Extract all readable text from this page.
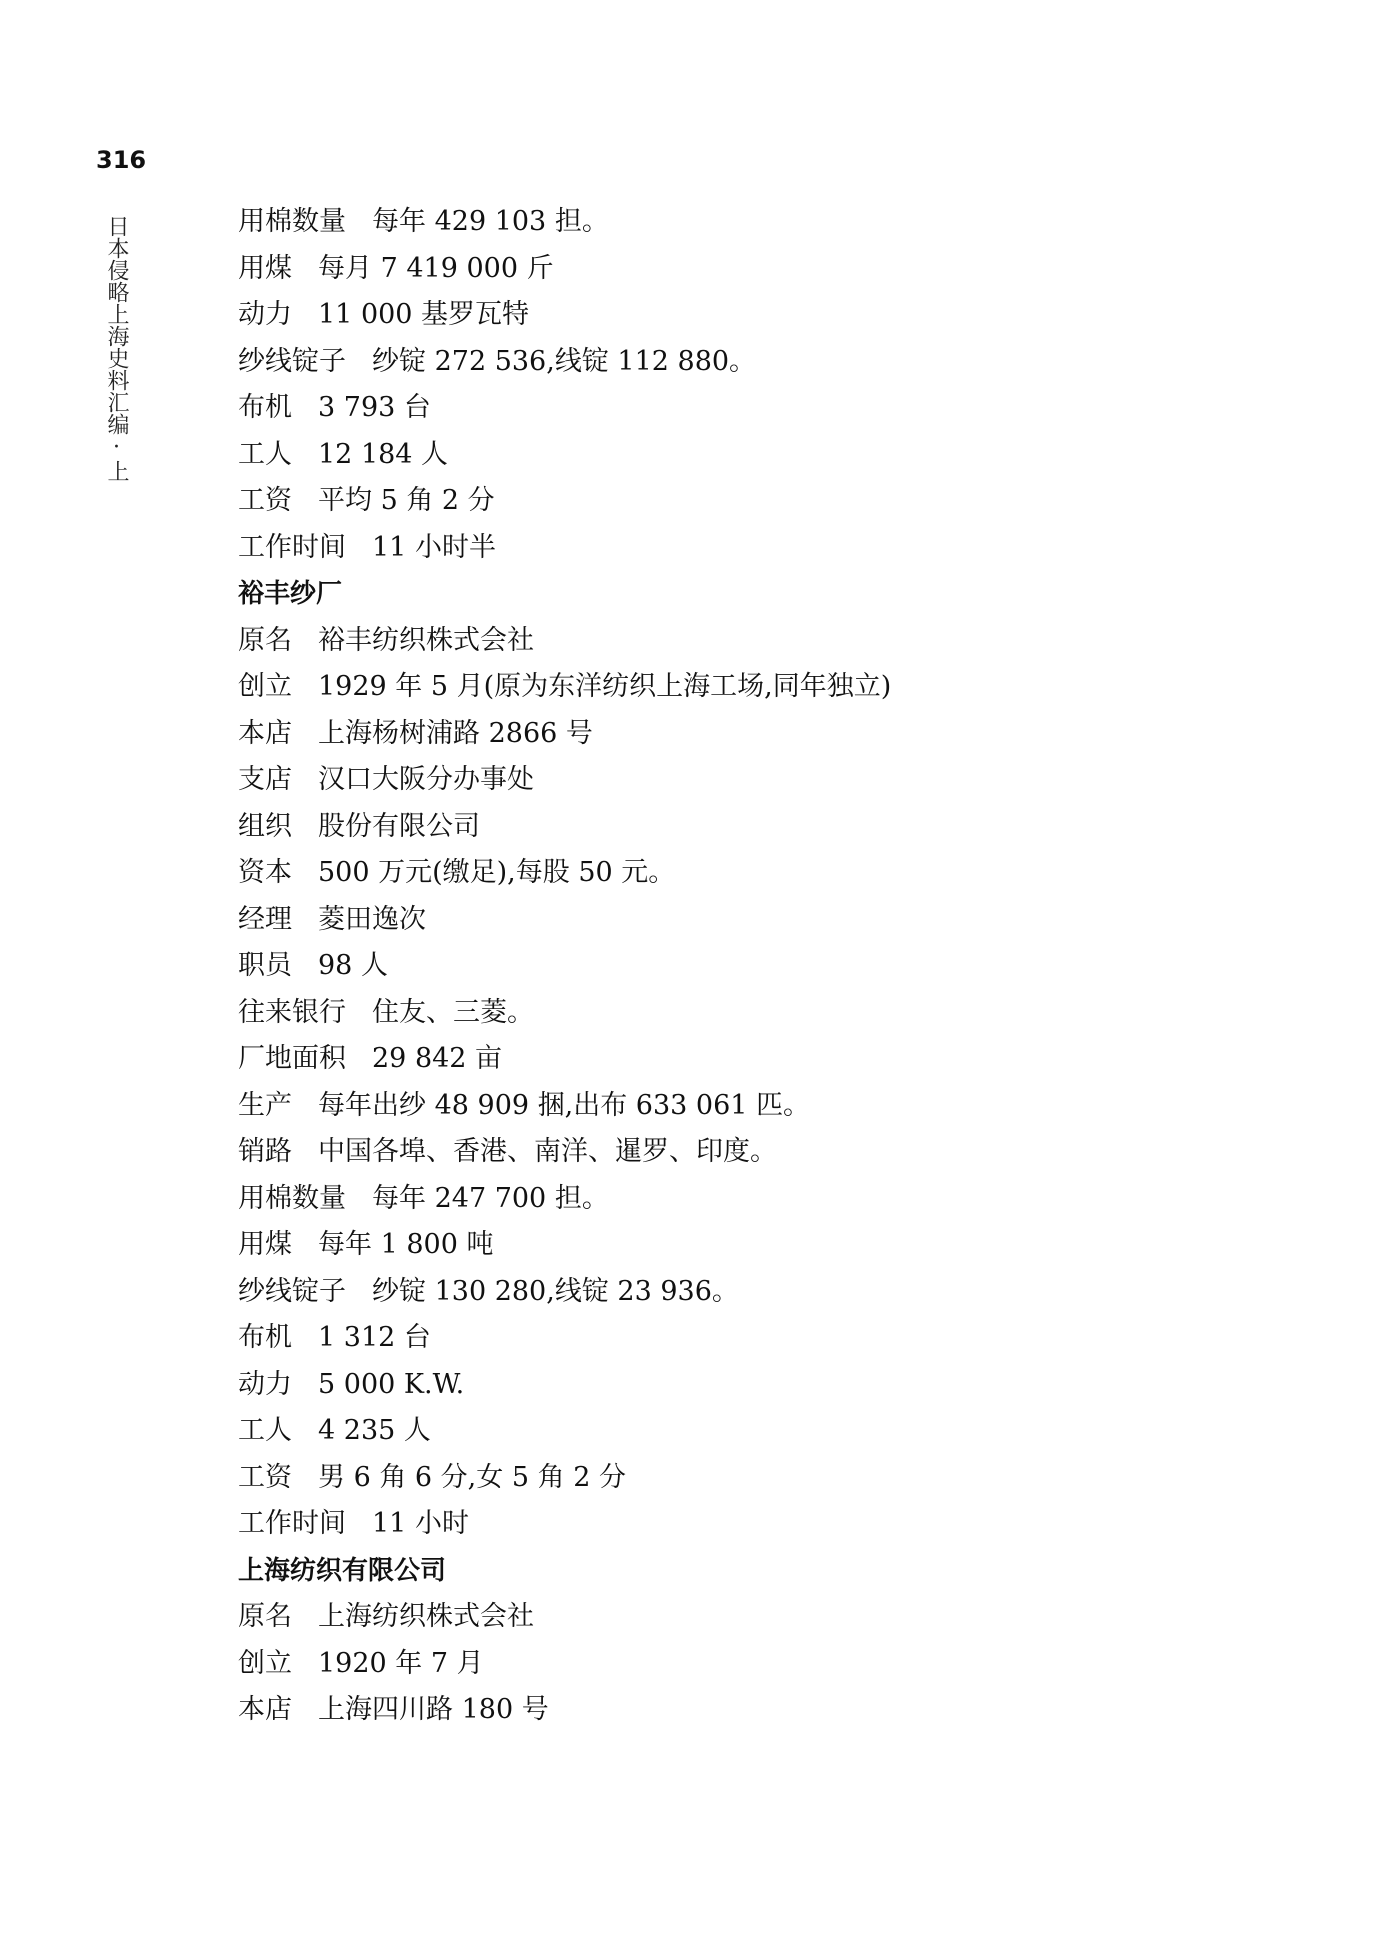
316
日本侵略上海史料汇编·上	用棉数量 每年 429 103 担。
用煤 每月 7 419 000 斤
动力 11 000 基罗瓦特
纱线锭子 纱锭 272 536,线锭 112 880。
布机 3 793 台
工人 12 184 人
工资 平均 5 角 2 分
工作时间 11 小时半
裕丰纱厂
原名 裕丰纺织株式会社
创立 1929 年 5 月(原为东洋纺织上海工场,同年独立)
本店 上海杨树浦路 2866 号
支店 汉口大阪分办事处
组织 股份有限公司
资本 500 万元(缴足),每股 50 元。
经理 菱田逸次
职员 98 人
往来银行 住友、三菱。
厂地面积 29 842 亩
生产 每年出纱 48 909 捆,出布 633 061 匹。
销路 中国各埠、香港、南洋、暹罗、印度。
用棉数量 每年 247 700 担。
用煤 每年 1 800 吨
纱线锭子 纱锭 130 280,线锭 23 936。
布机 1 312 台
动力 5 000 K.W.
工人 4 235 人
工资 男 6 角 6 分,女 5 角 2 分
工作时间 11 小时
上海纺织有限公司
原名 上海纺织株式会社
创立 1920 年 7 月
本店 上海四川路 180 号
